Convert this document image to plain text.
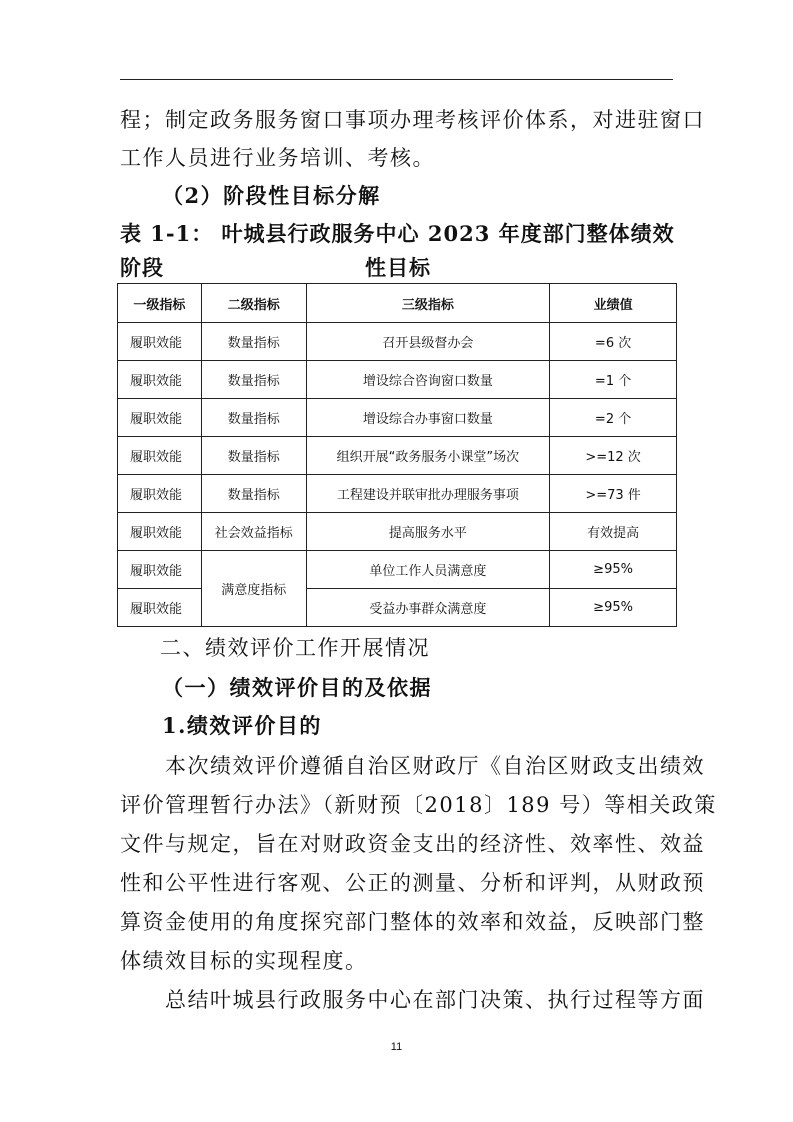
程；制定政务服务窗口事项办理考核评价体系，对进驻窗口

工作人员进行业务培训、考核。

（2）阶段性目标分解

表 1-1： 叶城县行政服务中心 2023 年度部门整体绩效阶段	性目标

一级指标	二级指标	三级指标	业绩值
履职效能	数量指标	召开县级督办会	=6 次
履职效能	数量指标	增设综合咨询窗口数量	=1 个
履职效能	数量指标	增设综合办事窗口数量	=2 个
履职效能	数量指标	组织开展“政务服务小课堂”场次	>=12 次
履职效能	数量指标	工程建设并联审批办理服务事项	>=73 件
履职效能	社会效益指标	提高服务水平	有效提高
履职效能	满意度指标	单位工作人员满意度	≥95%
履职效能		受益办事群众满意度	≥95%

二、绩效评价工作开展情况

（一）绩效评价目的及依据

1.绩效评价目的

　　本次绩效评价遵循自治区财政厅《自治区财政支出绩效

评价管理暂行办法》（新财预〔2018〕189 号）等相关政策

文件与规定，旨在对财政资金支出的经济性、效率性、效益

性和公平性进行客观、公正的测量、分析和评判，从财政预

算资金使用的角度探究部门整体的效率和效益，反映部门整

体绩效目标的实现程度。

　　总结叶城县行政服务中心在部门决策、执行过程等方面

11
